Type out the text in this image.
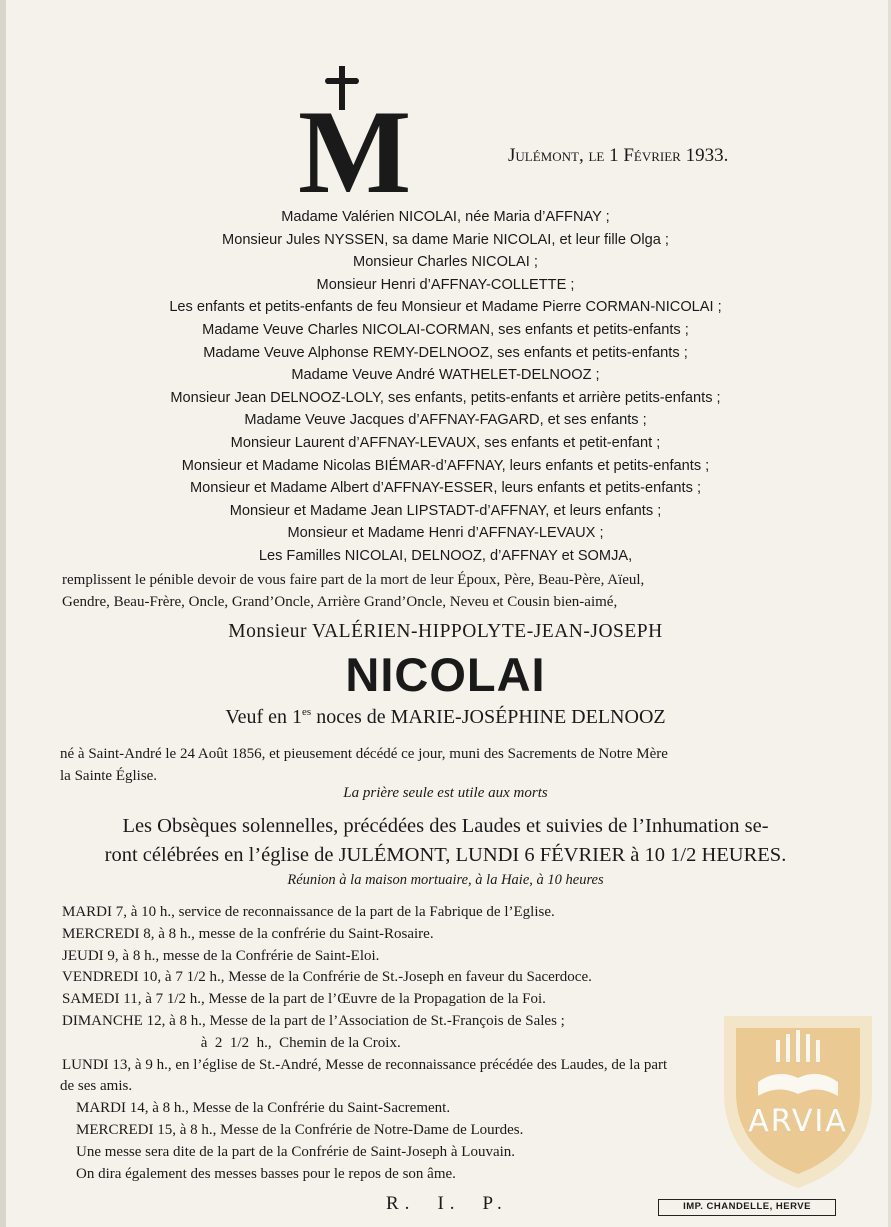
M	Julémont, le 1 Février 1933.
Madame Valérien NICOLAI, née Maria d’AFFNAY ;
Monsieur Jules NYSSEN, sa dame Marie NICOLAI, et leur fille Olga ;
Monsieur Charles NICOLAI ;
Monsieur Henri d’AFFNAY-COLLETTE ;
Les enfants et petits-enfants de feu Monsieur et Madame Pierre CORMAN-NICOLAI ;
Madame Veuve Charles NICOLAI-CORMAN, ses enfants et petits-enfants ;
Madame Veuve Alphonse REMY-DELNOOZ, ses enfants et petits-enfants ;
Madame Veuve André WATHELET-DELNOOZ ;
Monsieur Jean DELNOOZ-LOLY, ses enfants, petits-enfants et arrière petits-enfants ;
Madame Veuve Jacques d’AFFNAY-FAGARD, et ses enfants ;
Monsieur Laurent d’AFFNAY-LEVAUX, ses enfants et petit-enfant ;
Monsieur et Madame Nicolas BIÉMAR-d’AFFNAY, leurs enfants et petits-enfants ;
Monsieur et Madame Albert d’AFFNAY-ESSER, leurs enfants et petits-enfants ;
Monsieur et Madame Jean LIPSTADT-d’AFFNAY, et leurs enfants ;
Monsieur et Madame Henri d’AFFNAY-LEVAUX ;
Les Familles NICOLAI, DELNOOZ, d’AFFNAY et SOMJA,
remplissent le pénible devoir de vous faire part de la mort de leur Époux, Père, Beau-Père, Aïeul,
Gendre, Beau-Frère, Oncle, Grand’Oncle, Arrière Grand’Oncle, Neveu et Cousin bien-aimé,
Monsieur VALÉRIEN-HIPPOLYTE-JEAN-JOSEPH
NICOLAI
Veuf en $1^{es}$ noces de MARIE-JOSÉPHINE DELNOOZ
né à Saint-André le 24 Août 1856, et pieusement décédé ce jour, muni des Sacrements de Notre Mère
la Sainte Église.
La prière seule est utile aux morts
Les Obsèques solennelles, précédées des Laudes et suivies de l’Inhumation se-
ront célébrées en l’église de JULÉMONT, LUNDI 6 FÉVRIER à 10 1/2 HEURES.
Réunion à la maison mortuaire, à la Haie, à 10 heures
MARDI 7, à 10 h., service de reconnaissance de la part de la Fabrique de l’Eglise.
MERCREDI 8, à 8 h., messe de la confrérie du Saint-Rosaire.
JEUDI 9, à 8 h., messe de la Confrérie de Saint-Eloi.
VENDREDI 10, à 7 1/2 h., Messe de la Confrérie de St.-Joseph en faveur du Sacerdoce.
SAMEDI 11, à 7 1/2 h., Messe de la part de l’Œuvre de la Propagation de la Foi.
DIMANCHE 12, à 8 h., Messe de la part de l’Association de St.-François de Sales ;
à  2  1/2  h.,  Chemin de la Croix.
LUNDI 13, à 9 h., en l’église de St.-André, Messe de reconnaissance précédée des Laudes, de la part
de ses amis.
MARDI 14, à 8 h., Messe de la Confrérie du Saint-Sacrement.
MERCREDI 15, à 8 h., Messe de la Confrérie de Notre-Dame de Lourdes.
Une messe sera dite de la part de la Confrérie de Saint-Joseph à Louvain.
On dira également des messes basses pour le repos de son âme.
R. I. P.	IMP. CHANDELLE, HERVE
ARVIA
